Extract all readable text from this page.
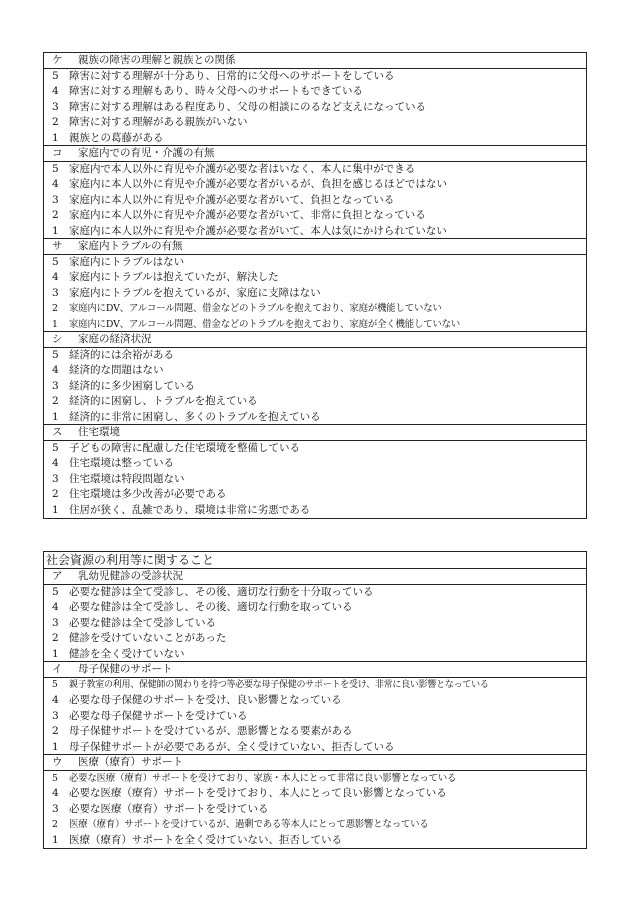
ケ 親族の障害の理解と親族との関係
5 障害に対する理解が十分あり、日常的に父母へのサポートをしている
4 障害に対する理解もあり、時々父母へのサポートもできている
3 障害に対する理解はある程度あり、父母の相談にのるなど支えになっている
2 障害に対する理解がある親族がいない
1 親族との葛藤がある
コ 家庭内での育児・介護の有無
5 家庭内で本人以外に育児や介護が必要な者はいなく、本人に集中ができる
4 家庭内に本人以外に育児や介護が必要な者がいるが、負担を感じるほどではない
3 家庭内に本人以外に育児や介護が必要な者がいて、負担となっている
2 家庭内に本人以外に育児や介護が必要な者がいて、非常に負担となっている
1 家庭内に本人以外に育児や介護が必要な者がいて、本人は気にかけられていない
サ 家庭内トラブルの有無
5 家庭内にトラブルはない
4 家庭内にトラブルは抱えていたが、解決した
3 家庭内にトラブルを抱えているが、家庭に支障はない
2 家庭内にDV、アルコール問題、借金などのトラブルを抱えており、家庭が機能していない
1 家庭内にDV、アルコール問題、借金などのトラブルを抱えており、家庭が全く機能していない
シ 家庭の経済状況
5 経済的には余裕がある
4 経済的な問題はない
3 経済的に多少困窮している
2 経済的に困窮し、トラブルを抱えている
1 経済的に非常に困窮し、多くのトラブルを抱えている
ス 住宅環境
5 子どもの障害に配慮した住宅環境を整備している
4 住宅環境は整っている
3 住宅環境は特段問題ない
2 住宅環境は多少改善が必要である
1 住居が狭く、乱雑であり、環境は非常に劣悪である
社会資源の利用等に関すること
ア 乳幼児健診の受診状況
5 必要な健診は全て受診し、その後、適切な行動を十分取っている
4 必要な健診は全て受診し、その後、適切な行動を取っている
3 必要な健診は全て受診している
2 健診を受けていないことがあった
1 健診を全く受けていない
イ 母子保健のサポート
5 親子教室の利用、保健師の関わりを持つ等必要な母子保健のサポートを受け、非常に良い影響となっている
4 必要な母子保健のサポートを受け、良い影響となっている
3 必要な母子保健サポートを受けている
2 母子保健サポートを受けているが、悪影響となる要素がある
1 母子保健サポートが必要であるが、全く受けていない、拒否している
ウ 医療（療育）サポート
5 必要な医療（療育）サポートを受けており、家族・本人にとって非常に良い影響となっている
4 必要な医療（療育）サポートを受けており、本人にとって良い影響となっている
3 必要な医療（療育）サポートを受けている
2 医療（療育）サポートを受けているが、過剰である等本人にとって悪影響となっている
1 医療（療育）サポートを全く受けていない、拒否している
